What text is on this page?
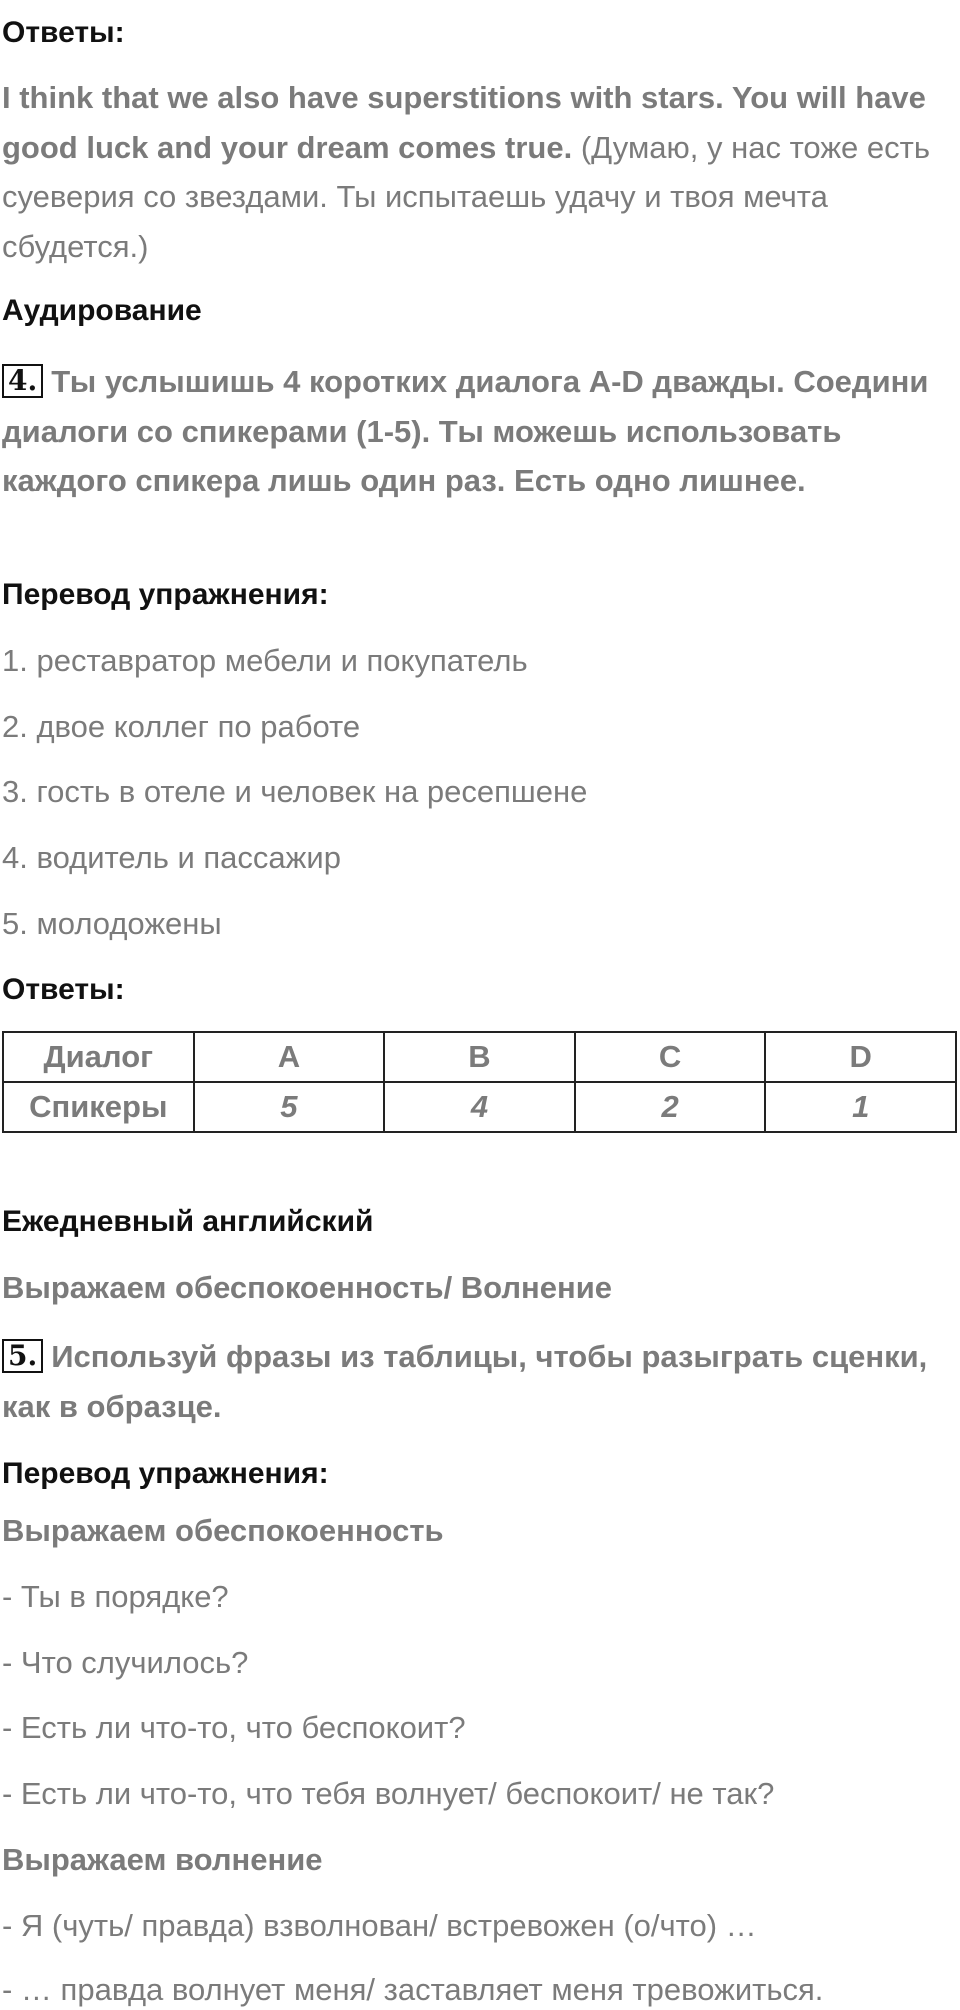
Ответы:

I think that we also have superstitions with stars. You will have good luck and your dream comes true. (Думаю, у нас тоже есть суеверия со звездами. Ты испытаешь удачу и твоя мечта сбудется.)

Аудирование

4. Ты услышишь 4 коротких диалога A-D дважды. Соедини диалоги со спикерами (1-5). Ты можешь использовать каждого спикера лишь один раз. Есть одно лишнее.

Перевод упражнения:
1. реставратор мебели и покупатель
2. двое коллег по работе
3. гость в отеле и человек на ресепшене
4. водитель и пассажир
5. молодожены
Ответы:
Диалог	A	B	C	D
Спикеры	5	4	2	1
Ежедневный английский
Выражаем обеспокоенность/ Волнение

5. Используй фразы из таблицы, чтобы разыграть сценки, как в образце.

Перевод упражнения:
Выражаем обеспокоенность
- Ты в порядке?
- Что случилось?
- Есть ли что-то, что беспокоит?
- Есть ли что-то, что тебя волнует/ беспокоит/ не так?
Выражаем волнение
- Я (чуть/ правда) взволнован/ встревожен (о/что) …
- … правда волнует меня/ заставляет меня тревожиться.
